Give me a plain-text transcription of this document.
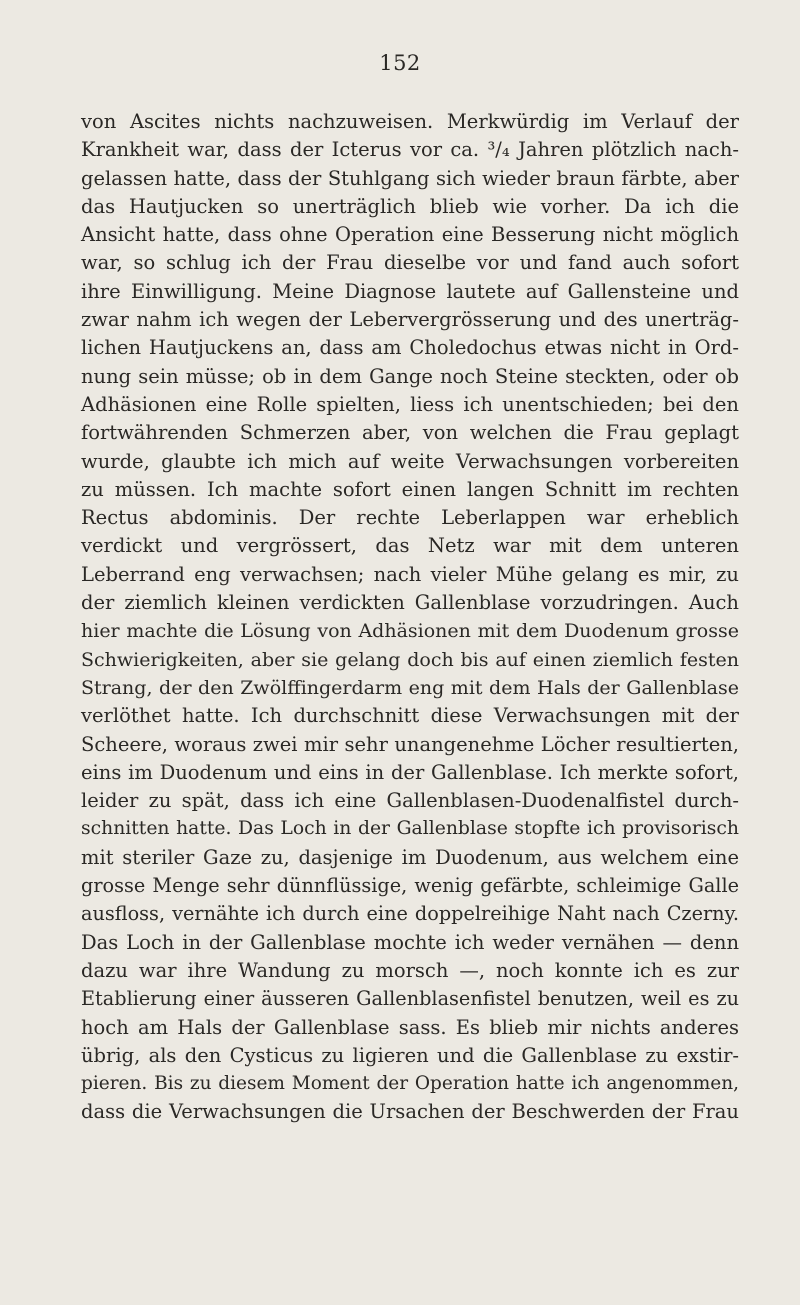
152
von Ascites nichts nachzuweisen. Merkwürdig im Verlauf der
Krankheit war, dass der Icterus vor ca. ³/₄ Jahren plötzlich nach-
gelassen hatte, dass der Stuhlgang sich wieder braun färbte, aber
das Hautjucken so unerträglich blieb wie vorher. Da ich die
Ansicht hatte, dass ohne Operation eine Besserung nicht möglich
war, so schlug ich der Frau dieselbe vor und fand auch sofort
ihre Einwilligung. Meine Diagnose lautete auf Gallensteine und
zwar nahm ich wegen der Lebervergrösserung und des unerträg-
lichen Hautjuckens an, dass am Choledochus etwas nicht in Ord-
nung sein müsse; ob in dem Gange noch Steine steckten, oder ob
Adhäsionen eine Rolle spielten, liess ich unentschieden; bei den
fortwährenden Schmerzen aber, von welchen die Frau geplagt
wurde, glaubte ich mich auf weite Verwachsungen vorbereiten
zu müssen. Ich machte sofort einen langen Schnitt im rechten
Rectus abdominis. Der rechte Leberlappen war erheblich
verdickt und vergrössert, das Netz war mit dem unteren
Leberrand eng verwachsen; nach vieler Mühe gelang es mir, zu
der ziemlich kleinen verdickten Gallenblase vorzudringen. Auch
hier machte die Lösung von Adhäsionen mit dem Duodenum grosse
Schwierigkeiten, aber sie gelang doch bis auf einen ziemlich festen
Strang, der den Zwölffingerdarm eng mit dem Hals der Gallenblase
verlöthet hatte. Ich durchschnitt diese Verwachsungen mit der
Scheere, woraus zwei mir sehr unangenehme Löcher resultierten,
eins im Duodenum und eins in der Gallenblase. Ich merkte sofort,
leider zu spät, dass ich eine Gallenblasen-Duodenalfistel durch-
schnitten hatte. Das Loch in der Gallenblase stopfte ich provisorisch
mit steriler Gaze zu, dasjenige im Duodenum, aus welchem eine
grosse Menge sehr dünnflüssige, wenig gefärbte, schleimige Galle
ausfloss, vernähte ich durch eine doppelreihige Naht nach Czerny.
Das Loch in der Gallenblase mochte ich weder vernähen — denn
dazu war ihre Wandung zu morsch —, noch konnte ich es zur
Etablierung einer äusseren Gallenblasenfistel benutzen, weil es zu
hoch am Hals der Gallenblase sass. Es blieb mir nichts anderes
übrig, als den Cysticus zu ligieren und die Gallenblase zu exstir-
pieren. Bis zu diesem Moment der Operation hatte ich angenommen,
dass die Verwachsungen die Ursachen der Beschwerden der Frau
